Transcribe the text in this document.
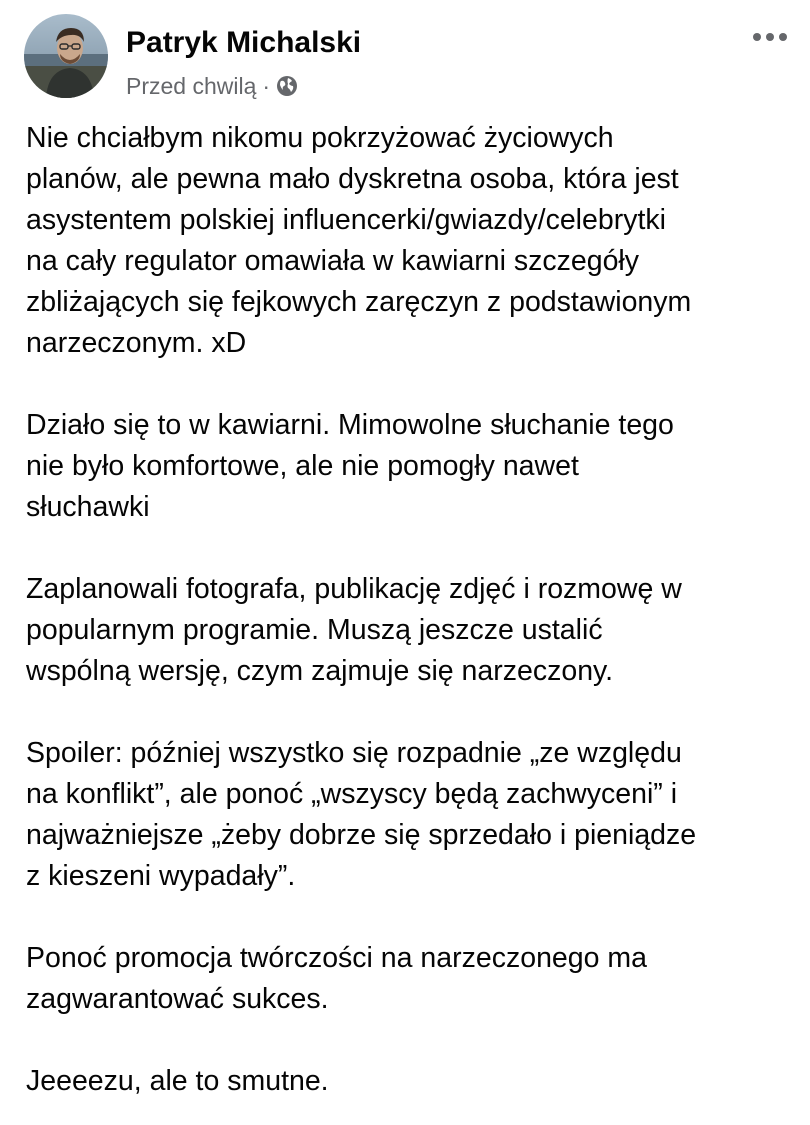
Patryk Michalski
Przed chwilą ·

Nie chciałbym nikomu pokrzyżować życiowych
planów, ale pewna mało dyskretna osoba, która jest
asystentem polskiej influencerki/gwiazdy/celebrytki
na cały regulator omawiała w kawiarni szczegóły
zbliżających się fejkowych zaręczyn z podstawionym
narzeczonym. xD

Działo się to w kawiarni. Mimowolne słuchanie tego
nie było komfortowe, ale nie pomogły nawet
słuchawki

Zaplanowali fotografa, publikację zdjęć i rozmowę w
popularnym programie. Muszą jeszcze ustalić
wspólną wersję, czym zajmuje się narzeczony.

Spoiler: później wszystko się rozpadnie „ze względu
na konflikt”, ale ponoć „wszyscy będą zachwyceni” i
najważniejsze „żeby dobrze się sprzedało i pieniądze
z kieszeni wypadały”.

Ponoć promocja twórczości na narzeczonego ma
zagwarantować sukces.

Jeeeezu, ale to smutne.
